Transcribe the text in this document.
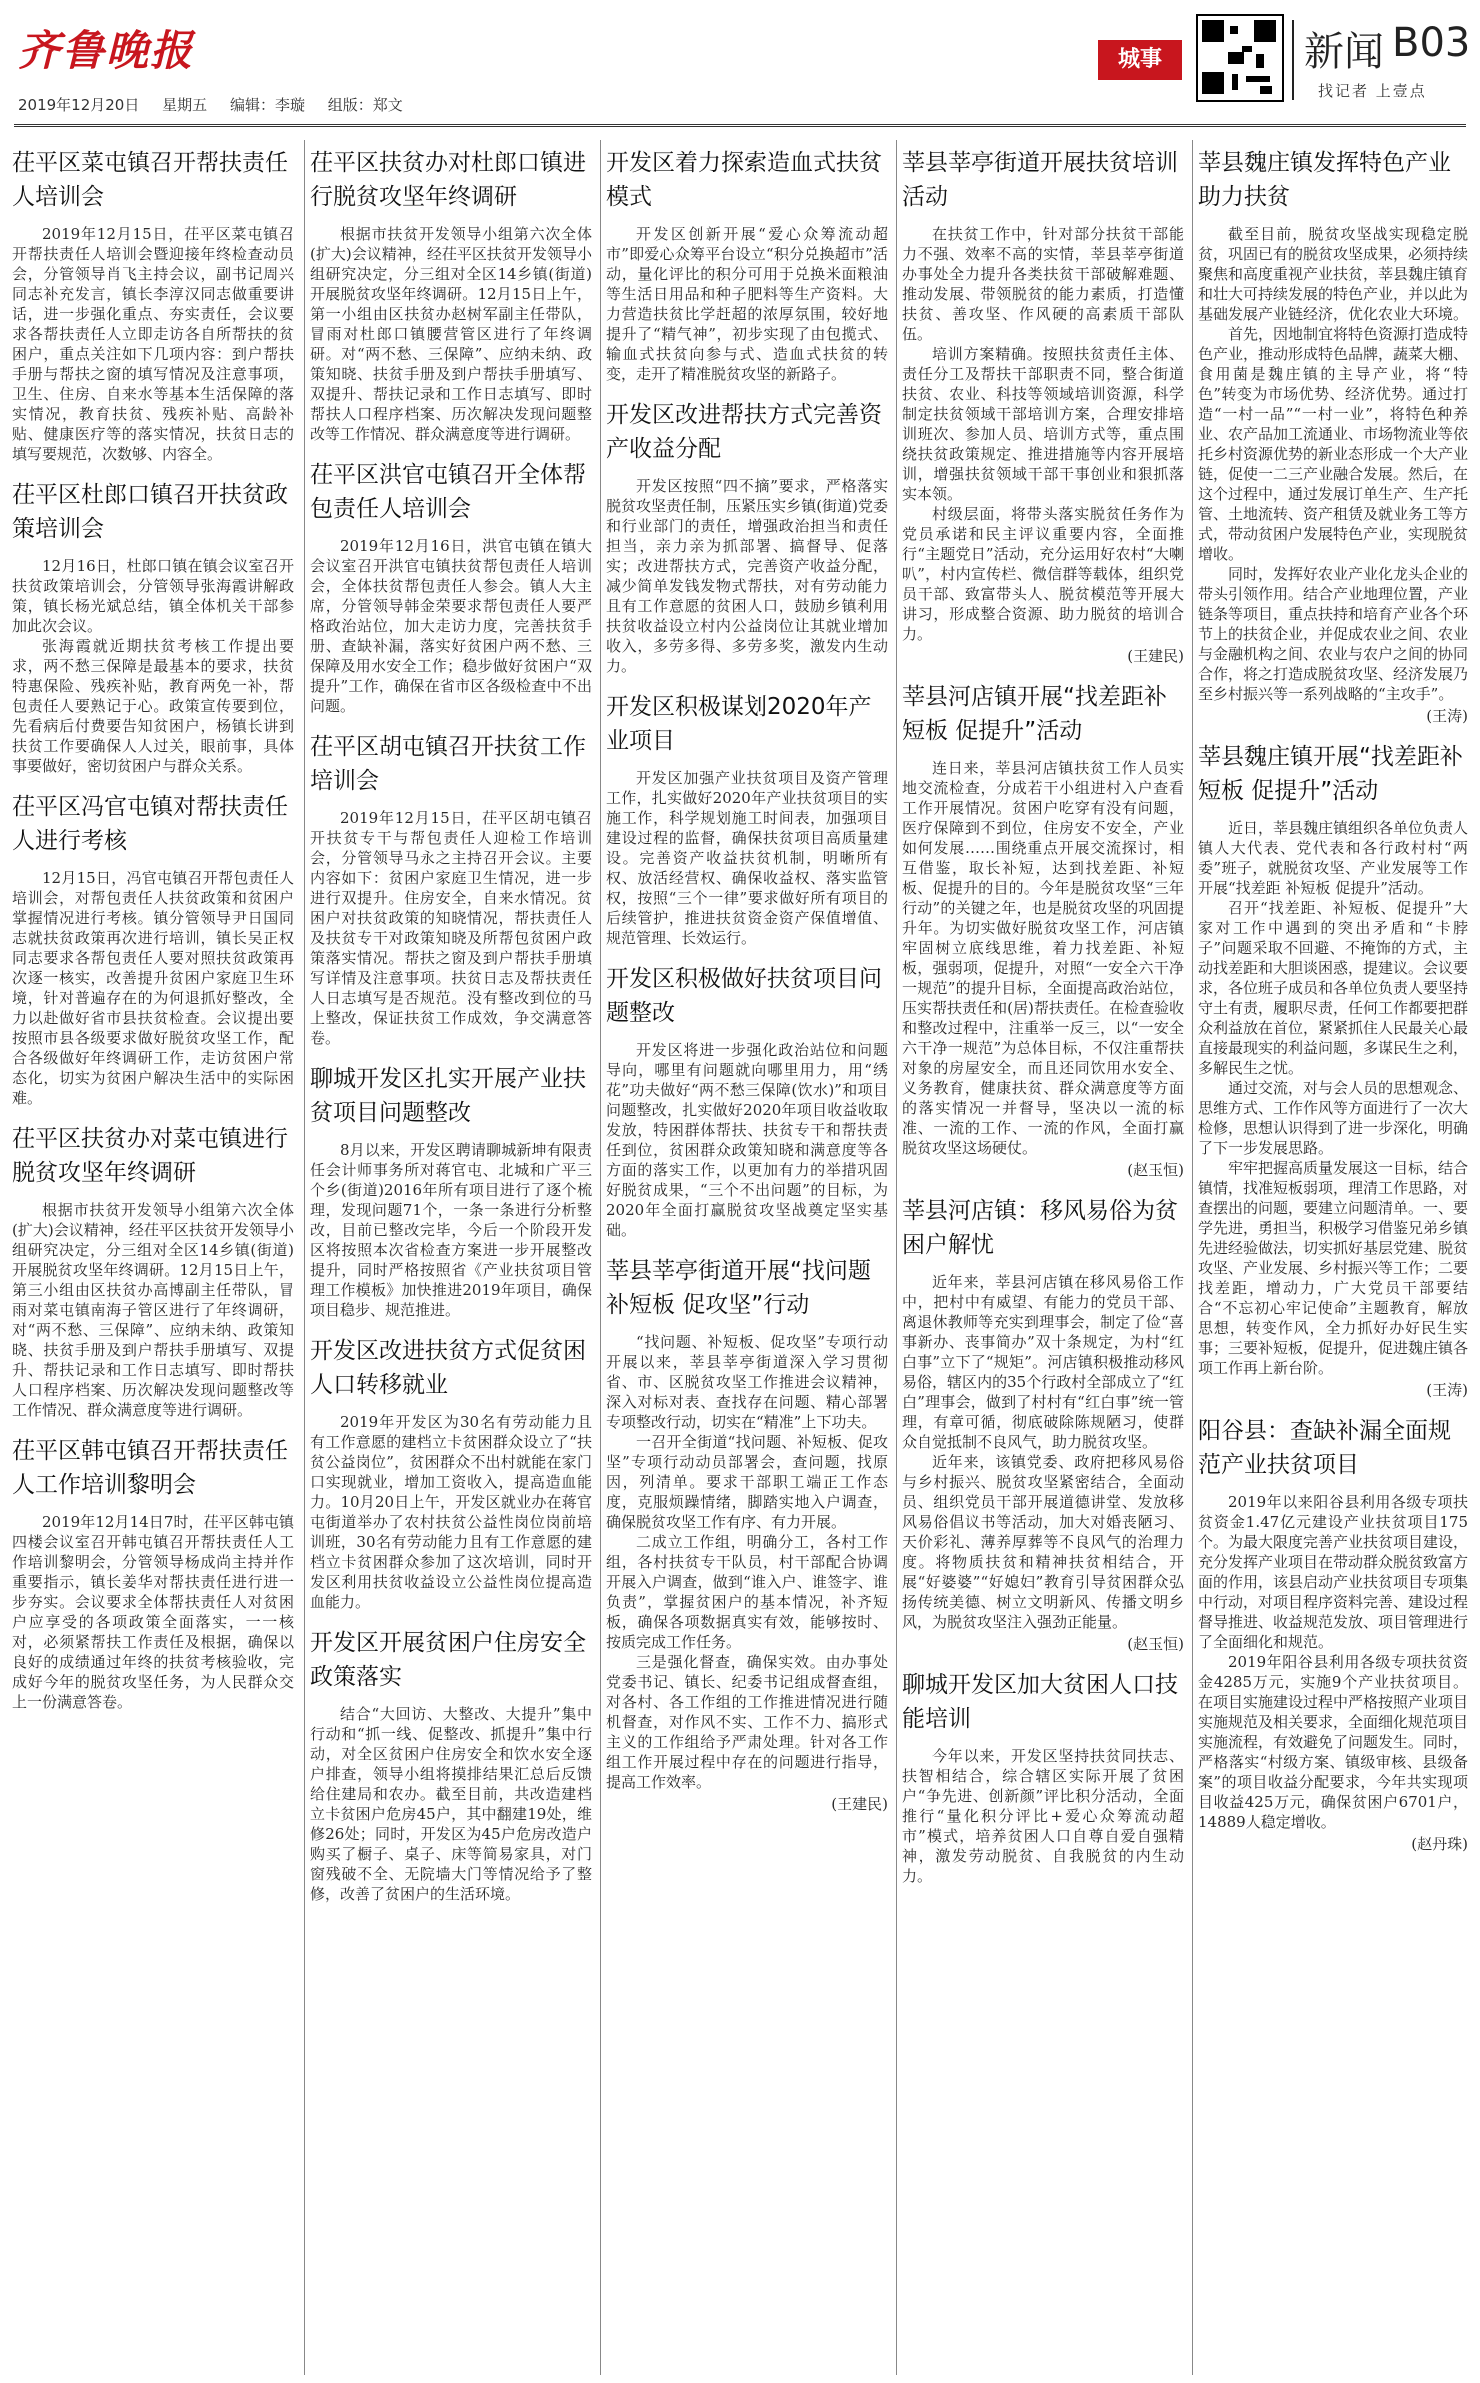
齐鲁晚报
2019年12月20日 星期五 编辑：李璇 组版：郑文
城事	新闻 B03
找记者 上壹点
茌平区菜屯镇召开帮扶责任人培训会

2019年12月15日，茌平区菜屯镇召开帮扶责任人培训会暨迎接年终检查动员会，分管领导肖飞主持会议，副书记周兴同志补充发言，镇长李淳汉同志做重要讲话，进一步强化重点、夯实责任，会议要求各帮扶责任人立即走访各自所帮扶的贫困户，重点关注如下几项内容：到户帮扶手册与帮扶之窗的填写情况及注意事项，卫生、住房、自来水等基本生活保障的落实情况，教育扶贫、残疾补贴、高龄补贴、健康医疗等的落实情况，扶贫日志的填写要规范，次数够、内容全。

茌平区杜郎口镇召开扶贫政策培训会

12月16日，杜郎口镇在镇会议室召开扶贫政策培训会，分管领导张海霞讲解政策，镇长杨光斌总结，镇全体机关干部参加此次会议。

张海霞就近期扶贫考核工作提出要求，两不愁三保障是最基本的要求，扶贫特惠保险、残疾补贴，教育两免一补，帮包责任人要熟记于心。政策宣传要到位，先看病后付费要告知贫困户，杨镇长讲到扶贫工作要确保人人过关，眼前事，具体事要做好，密切贫困户与群众关系。

茌平区冯官屯镇对帮扶责任人进行考核

12月15日，冯官屯镇召开帮包责任人培训会，对帮包责任人扶贫政策和贫困户掌握情况进行考核。镇分管领导尹日国同志就扶贫政策再次进行培训，镇长吴正权同志要求各帮包责任人要对照扶贫政策再次逐一核实，改善提升贫困户家庭卫生环境，针对普遍存在的为何退抓好整改，全力以赴做好省市县扶贫检查。会议提出要按照市县各级要求做好脱贫攻坚工作，配合各级做好年终调研工作，走访贫困户常态化，切实为贫困户解决生活中的实际困难。

茌平区扶贫办对菜屯镇进行脱贫攻坚年终调研

根据市扶贫开发领导小组第六次全体(扩大)会议精神，经茌平区扶贫开发领导小组研究决定，分三组对全区14乡镇(街道)开展脱贫攻坚年终调研。12月15日上午，第三小组由区扶贫办高博副主任带队，冒雨对菜屯镇南海子管区进行了年终调研，对“两不愁、三保障”、应纳未纳、政策知晓、扶贫手册及到户帮扶手册填写、双提升、帮扶记录和工作日志填写、即时帮扶人口程序档案、历次解决发现问题整改等工作情况、群众满意度等进行调研。

茌平区韩屯镇召开帮扶责任人工作培训黎明会

2019年12月14日7时，茌平区韩屯镇四楼会议室召开韩屯镇召开帮扶责任人工作培训黎明会，分管领导杨成尚主持并作重要指示，镇长姜华对帮扶责任进行进一步夯实。会议要求全体帮扶责任人对贫困户应享受的各项政策全面落实，一一核对，必须紧帮扶工作责任及根据，确保以良好的成绩通过年终的扶贫考核验收，完成好今年的脱贫攻坚任务，为人民群众交上一份满意答卷。

茌平区扶贫办对杜郎口镇进行脱贫攻坚年终调研

根据市扶贫开发领导小组第六次全体(扩大)会议精神，经茌平区扶贫开发领导小组研究决定，分三组对全区14乡镇(街道)开展脱贫攻坚年终调研。12月15日上午，第一小组由区扶贫办赵树军副主任带队，冒雨对杜郎口镇腰营管区进行了年终调研。对“两不愁、三保障”、应纳未纳、政策知晓、扶贫手册及到户帮扶手册填写、双提升、帮扶记录和工作日志填写、即时帮扶人口程序档案、历次解决发现问题整改等工作情况、群众满意度等进行调研。

茌平区洪官屯镇召开全体帮包责任人培训会

2019年12月16日，洪官屯镇在镇大会议室召开洪官屯镇扶贫帮包责任人培训会，全体扶贫帮包责任人参会。镇人大主席，分管领导韩金荣要求帮包责任人要严格政治站位，加大走访力度，完善扶贫手册、查缺补漏，落实好贫困户两不愁、三保障及用水安全工作；稳步做好贫困户“双提升”工作，确保在省市区各级检查中不出问题。

茌平区胡屯镇召开扶贫工作培训会

2019年12月15日，茌平区胡屯镇召开扶贫专干与帮包责任人迎检工作培训会，分管领导马永之主持召开会议。主要内容如下：贫困户家庭卫生情况，进一步进行双提升。住房安全，自来水情况。贫困户对扶贫政策的知晓情况，帮扶责任人及扶贫专干对政策知晓及所帮包贫困户政策落实情况。帮扶之窗及到户帮扶手册填写详情及注意事项。扶贫日志及帮扶责任人日志填写是否规范。没有整改到位的马上整改，保证扶贫工作成效，争交满意答卷。

聊城开发区扎实开展产业扶贫项目问题整改

8月以来，开发区聘请聊城新坤有限责任会计师事务所对蒋官屯、北城和广平三个乡(街道)2016年所有项目进行了逐个梳理，发现问题71个，一条一条进行分析整改，目前已整改完毕，今后一个阶段开发区将按照本次省检查方案进一步开展整改提升，同时严格按照省《产业扶贫项目管理工作模板》加快推进2019年项目，确保项目稳步、规范推进。

开发区改进扶贫方式促贫困人口转移就业

2019年开发区为30名有劳动能力且有工作意愿的建档立卡贫困群众设立了“扶贫公益岗位”，贫困群众不出村就能在家门口实现就业，增加工资收入，提高造血能力。10月20日上午，开发区就业办在蒋官屯街道举办了农村扶贫公益性岗位岗前培训班，30名有劳动能力且有工作意愿的建档立卡贫困群众参加了这次培训，同时开发区利用扶贫收益设立公益性岗位提高造血能力。

开发区开展贫困户住房安全政策落实

结合“大回访、大整改、大提升”集中行动和“抓一线、促整改、抓提升”集中行动，对全区贫困户住房安全和饮水安全逐户排查，领导小组将摸排结果汇总后反馈给住建局和农办。截至目前，共改造建档立卡贫困户危房45户，其中翻建19处，维修26处；同时，开发区为45户危房改造户购买了橱子、桌子、床等简易家具，对门窗残破不全、无院墙大门等情况给予了整修，改善了贫困户的生活环境。

开发区着力探索造血式扶贫模式

开发区创新开展“爱心众筹流动超市”即爱心众筹平台设立“积分兑换超市”活动，量化评比的积分可用于兑换米面粮油等生活日用品和种子肥料等生产资料。大力营造扶贫比学赶超的浓厚氛围，较好地提升了“精气神”，初步实现了由包揽式、输血式扶贫向参与式、造血式扶贫的转变，走开了精准脱贫攻坚的新路子。

开发区改进帮扶方式完善资产收益分配

开发区按照“四不摘”要求，严格落实脱贫攻坚责任制，压紧压实乡镇(街道)党委和行业部门的责任，增强政治担当和责任担当，亲力亲为抓部署、搞督导、促落实；改进帮扶方式，完善资产收益分配，减少简单发钱发物式帮扶，对有劳动能力且有工作意愿的贫困人口，鼓励乡镇利用扶贫收益设立村内公益岗位让其就业增加收入，多劳多得、多劳多奖，激发内生动力。

开发区积极谋划2020年产业项目

开发区加强产业扶贫项目及资产管理工作，扎实做好2020年产业扶贫项目的实施工作，科学规划施工时间表，加强项目建设过程的监督，确保扶贫项目高质量建设。完善资产收益扶贫机制，明晰所有权、放活经营权、确保收益权、落实监管权，按照“三个一律”要求做好所有项目的后续管护，推进扶贫资金资产保值增值、规范管理、长效运行。

开发区积极做好扶贫项目问题整改

开发区将进一步强化政治站位和问题导向，哪里有问题就向哪里用力，用“绣花”功夫做好“两不愁三保障(饮水)”和项目问题整改，扎实做好2020年项目收益收取发放，特困群体帮扶、扶贫专干和帮扶责任到位，贫困群众政策知晓和满意度等各方面的落实工作，以更加有力的举措巩固好脱贫成果，“三个不出问题”的目标，为2020年全面打赢脱贫攻坚战奠定坚实基础。

莘县莘亭街道开展“找问题补短板 促攻坚”行动

“找问题、补短板、促攻坚”专项行动开展以来，莘县莘亭街道深入学习贯彻省、市、区脱贫攻坚工作推进会议精神，深入对标对表、查找存在问题、精心部署专项整改行动，切实在“精准”上下功夫。

一召开全街道“找问题、补短板、促攻坚”专项行动动员部署会，查问题，找原因，列清单。要求干部职工端正工作态度，克服烦躁情绪，脚踏实地入户调查，确保脱贫攻坚工作有序、有力开展。

二成立工作组，明确分工，各村工作组，各村扶贫专干队员，村干部配合协调开展入户调查，做到“谁入户、谁签字、谁负责”，掌握贫困户的基本情况，补齐短板，确保各项数据真实有效，能够按时、按质完成工作任务。

三是强化督查，确保实效。由办事处党委书记、镇长、纪委书记组成督查组，对各村、各工作组的工作推进情况进行随机督查，对作风不实、工作不力、搞形式主义的工作组给予严肃处理。针对各工作组工作开展过程中存在的问题进行指导，提高工作效率。

(王建民)

莘县莘亭街道开展扶贫培训活动

在扶贫工作中，针对部分扶贫干部能力不强、效率不高的实情，莘县莘亭街道办事处全力提升各类扶贫干部破解难题、推动发展、带领脱贫的能力素质，打造懂扶贫、善攻坚、作风硬的高素质干部队伍。

培训方案精确。按照扶贫责任主体、责任分工及帮扶干部职责不同，整合街道扶贫、农业、科技等领域培训资源，科学制定扶贫领域干部培训方案，合理安排培训班次、参加人员、培训方式等，重点围绕扶贫政策规定、推进措施等内容开展培训，增强扶贫领域干部干事创业和狠抓落实本领。

村级层面，将带头落实脱贫任务作为党员承诺和民主评议重要内容，全面推行“主题党日”活动，充分运用好农村“大喇叭”，村内宣传栏、微信群等载体，组织党员干部、致富带头人、脱贫模范等开展大讲习，形成整合资源、助力脱贫的培训合力。

(王建民)

莘县河店镇开展“找差距补短板 促提升”活动

连日来，莘县河店镇扶贫工作人员实地交流检查，分成若干小组进村入户查看工作开展情况。贫困户吃穿有没有问题，医疗保障到不到位，住房安不安全，产业如何发展……围绕重点开展交流探讨，相互借鉴，取长补短，达到找差距、补短板、促提升的目的。今年是脱贫攻坚“三年行动”的关键之年，也是脱贫攻坚的巩固提升年。为切实做好脱贫攻坚工作，河店镇牢固树立底线思维，着力找差距、补短板，强弱项，促提升，对照“一安全六干净一规范”的提升目标，全面提高政治站位，压实帮扶责任和(居)帮扶责任。在检查验收和整改过程中，注重举一反三，以“一安全六干净一规范”为总体目标，不仅注重帮扶对象的房屋安全，而且还同饮用水安全、义务教育，健康扶贫、群众满意度等方面的落实情况一并督导，坚决以一流的标准、一流的工作、一流的作风，全面打赢脱贫攻坚这场硬仗。

(赵玉恒)

莘县河店镇：移风易俗为贫困户解忧

近年来，莘县河店镇在移风易俗工作中，把村中有威望、有能力的党员干部、离退休教师等充实到理事会，制定了俭“喜事新办、丧事简办”双十条规定，为村“红白事”立下了“规矩”。河店镇积极推动移风易俗，辖区内的35个行政村全部成立了“红白”理事会，做到了村村有“红白事”统一管理，有章可循，彻底破除陈规陋习，使群众自觉抵制不良风气，助力脱贫攻坚。

近年来，该镇党委、政府把移风易俗与乡村振兴、脱贫攻坚紧密结合，全面动员、组织党员干部开展道德讲堂、发放移风易俗倡议书等活动，加大对婚丧陋习、天价彩礼、薄养厚葬等不良风气的治理力度。将物质扶贫和精神扶贫相结合，开展“好婆婆”“好媳妇”教育引导贫困群众弘扬传统美德、树立文明新风、传播文明乡风，为脱贫攻坚注入强劲正能量。

(赵玉恒)

聊城开发区加大贫困人口技能培训

今年以来，开发区坚持扶贫同扶志、扶智相结合，综合辖区实际开展了贫困户“争先进、创新颜”评比积分活动，全面推行“量化积分评比+爱心众筹流动超市”模式，培养贫困人口自尊自爱自强精神，激发劳动脱贫、自我脱贫的内生动力。

莘县魏庄镇发挥特色产业助力扶贫

截至目前，脱贫攻坚战实现稳定脱贫，巩固已有的脱贫攻坚成果，必须持续聚焦和高度重视产业扶贫，莘县魏庄镇育和壮大可持续发展的特色产业，并以此为基础发展产业链经济，优化农业大环境。

首先，因地制宜将特色资源打造成特色产业，推动形成特色品牌，蔬菜大棚、食用菌是魏庄镇的主导产业，将“特色”转变为市场优势、经济优势。通过打造“一村一品”“一村一业”，将特色种养业、农产品加工流通业、市场物流业等依托乡村资源优势的新业态形成一个大产业链，促使一二三产业融合发展。然后，在这个过程中，通过发展订单生产、生产托管、土地流转、资产租赁及就业务工等方式，带动贫困户发展特色产业，实现脱贫增收。

同时，发挥好农业产业化龙头企业的带头引领作用。结合产业地理位置，产业链条等项目，重点扶持和培育产业各个环节上的扶贫企业，并促成农业之间、农业与金融机构之间、农业与农户之间的协同合作，将之打造成脱贫攻坚、经济发展乃至乡村振兴等一系列战略的“主攻手”。

(王涛)

莘县魏庄镇开展“找差距补短板 促提升”活动

近日，莘县魏庄镇组织各单位负责人镇人大代表、党代表和各行政村村“两委”班子，就脱贫攻坚、产业发展等工作开展“找差距 补短板 促提升”活动。

召开“找差距、补短板、促提升”大家对工作中遇到的突出矛盾和“卡脖子”问题采取不回避、不掩饰的方式，主动找差距和大胆谈困惑，提建议。会议要求，各位班子成员和各单位负责人要坚持守土有责，履职尽责，任何工作都要把群众利益放在首位，紧紧抓住人民最关心最直接最现实的利益问题，多谋民生之利，多解民生之忧。

通过交流，对与会人员的思想观念、思维方式、工作作风等方面进行了一次大检修，思想认识得到了进一步深化，明确了下一步发展思路。

牢牢把握高质量发展这一目标，结合镇情，找准短板弱项，理清工作思路，对查摆出的问题，要建立问题清单。一、要学先进，勇担当，积极学习借鉴兄弟乡镇先进经验做法，切实抓好基层党建、脱贫攻坚、产业发展、乡村振兴等工作；二要找差距，增动力，广大党员干部要结合“不忘初心牢记使命”主题教育，解放思想，转变作风，全力抓好办好民生实事；三要补短板，促提升，促进魏庄镇各项工作再上新台阶。

(王涛)

阳谷县：查缺补漏全面规范产业扶贫项目

2019年以来阳谷县利用各级专项扶贫资金1.47亿元建设产业扶贫项目175个。为最大限度完善产业扶贫项目建设，充分发挥产业项目在带动群众脱贫致富方面的作用，该县启动产业扶贫项目专项集中行动，对项目程序资料完善、建设过程督导推进、收益规范发放、项目管理进行了全面细化和规范。

2019年阳谷县利用各级专项扶贫资金4285万元，实施9个产业扶贫项目。在项目实施建设过程中严格按照产业项目实施规范及相关要求，全面细化规范项目实施流程，有效避免了问题发生。同时，严格落实“村级方案、镇级审核、县级备案”的项目收益分配要求，今年共实现项目收益425万元，确保贫困户6701户，14889人稳定增收。

(赵丹珠)
